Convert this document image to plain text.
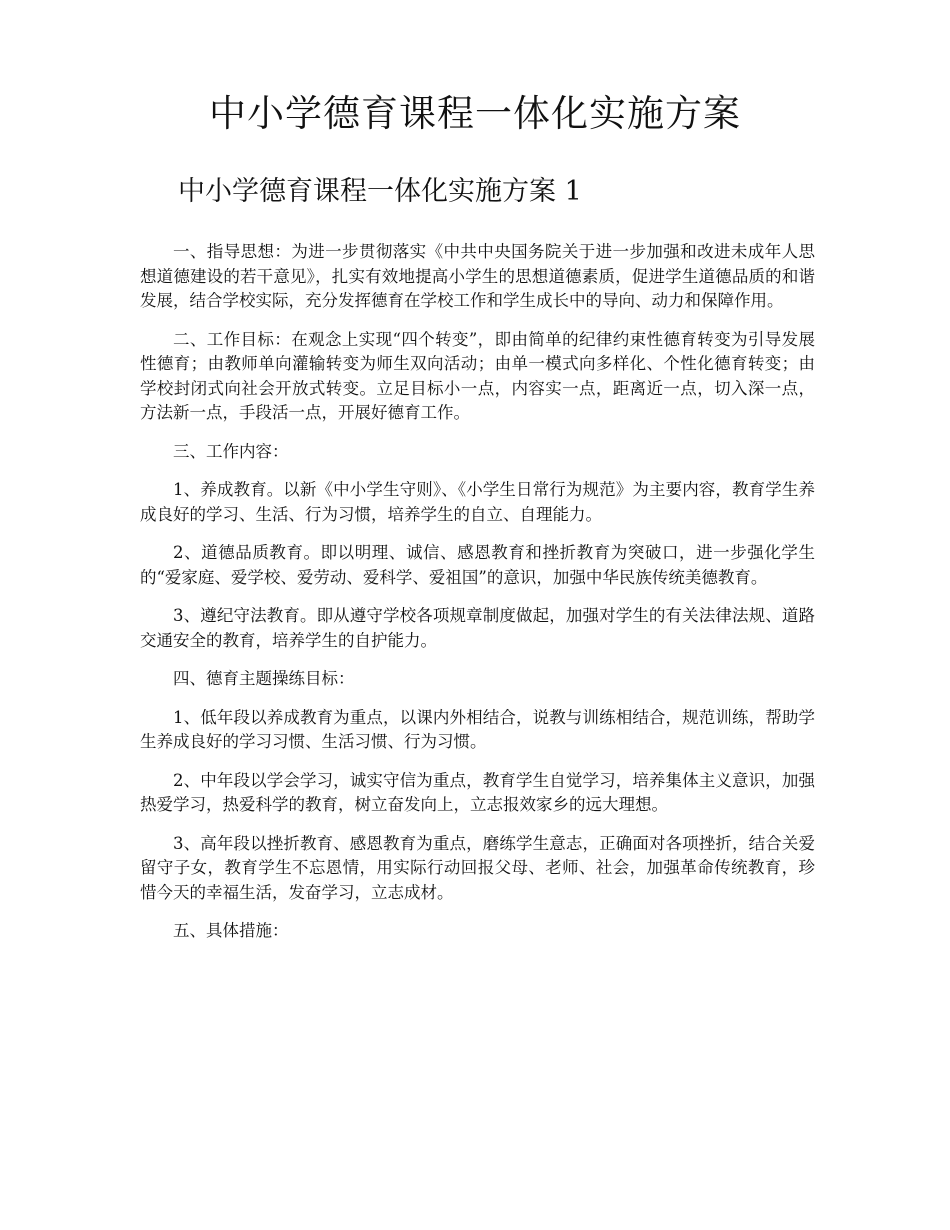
中小学德育课程一体化实施方案
中小学德育课程一体化实施方案 1

一、指导思想：为进一步贯彻落实《中共中央国务院关于进一步加强和改进未成年人思想道德建设的若干意见》，扎实有效地提高小学生的思想道德素质，促进学生道德品质的和谐发展，结合学校实际，充分发挥德育在学校工作和学生成长中的导向、动力和保障作用。

二、工作目标：在观念上实现“四个转变”，即由简单的纪律约束性德育转变为引导发展性德育；由教师单向灌输转变为师生双向活动；由单一模式向多样化、个性化德育转变；由学校封闭式向社会开放式转变。立足目标小一点，内容实一点，距离近一点，切入深一点，方法新一点，手段活一点，开展好德育工作。

三、工作内容：

1、养成教育。以新《中小学生守则》、《小学生日常行为规范》为主要内容，教育学生养成良好的学习、生活、行为习惯，培养学生的自立、自理能力。

2、道德品质教育。即以明理、诚信、感恩教育和挫折教育为突破口，进一步强化学生的“爱家庭、爱学校、爱劳动、爱科学、爱祖国”的意识，加强中华民族传统美德教育。

3、遵纪守法教育。即从遵守学校各项规章制度做起，加强对学生的有关法律法规、道路交通安全的教育，培养学生的自护能力。

四、德育主题操练目标：

1、低年段以养成教育为重点，以课内外相结合，说教与训练相结合，规范训练，帮助学生养成良好的学习习惯、生活习惯、行为习惯。

2、中年段以学会学习，诚实守信为重点，教育学生自觉学习，培养集体主义意识，加强热爱学习，热爱科学的教育，树立奋发向上，立志报效家乡的远大理想。

3、高年段以挫折教育、感恩教育为重点，磨练学生意志，正确面对各项挫折，结合关爱留守子女，教育学生不忘恩情，用实际行动回报父母、老师、社会，加强革命传统教育，珍惜今天的幸福生活，发奋学习，立志成材。

五、具体措施：
